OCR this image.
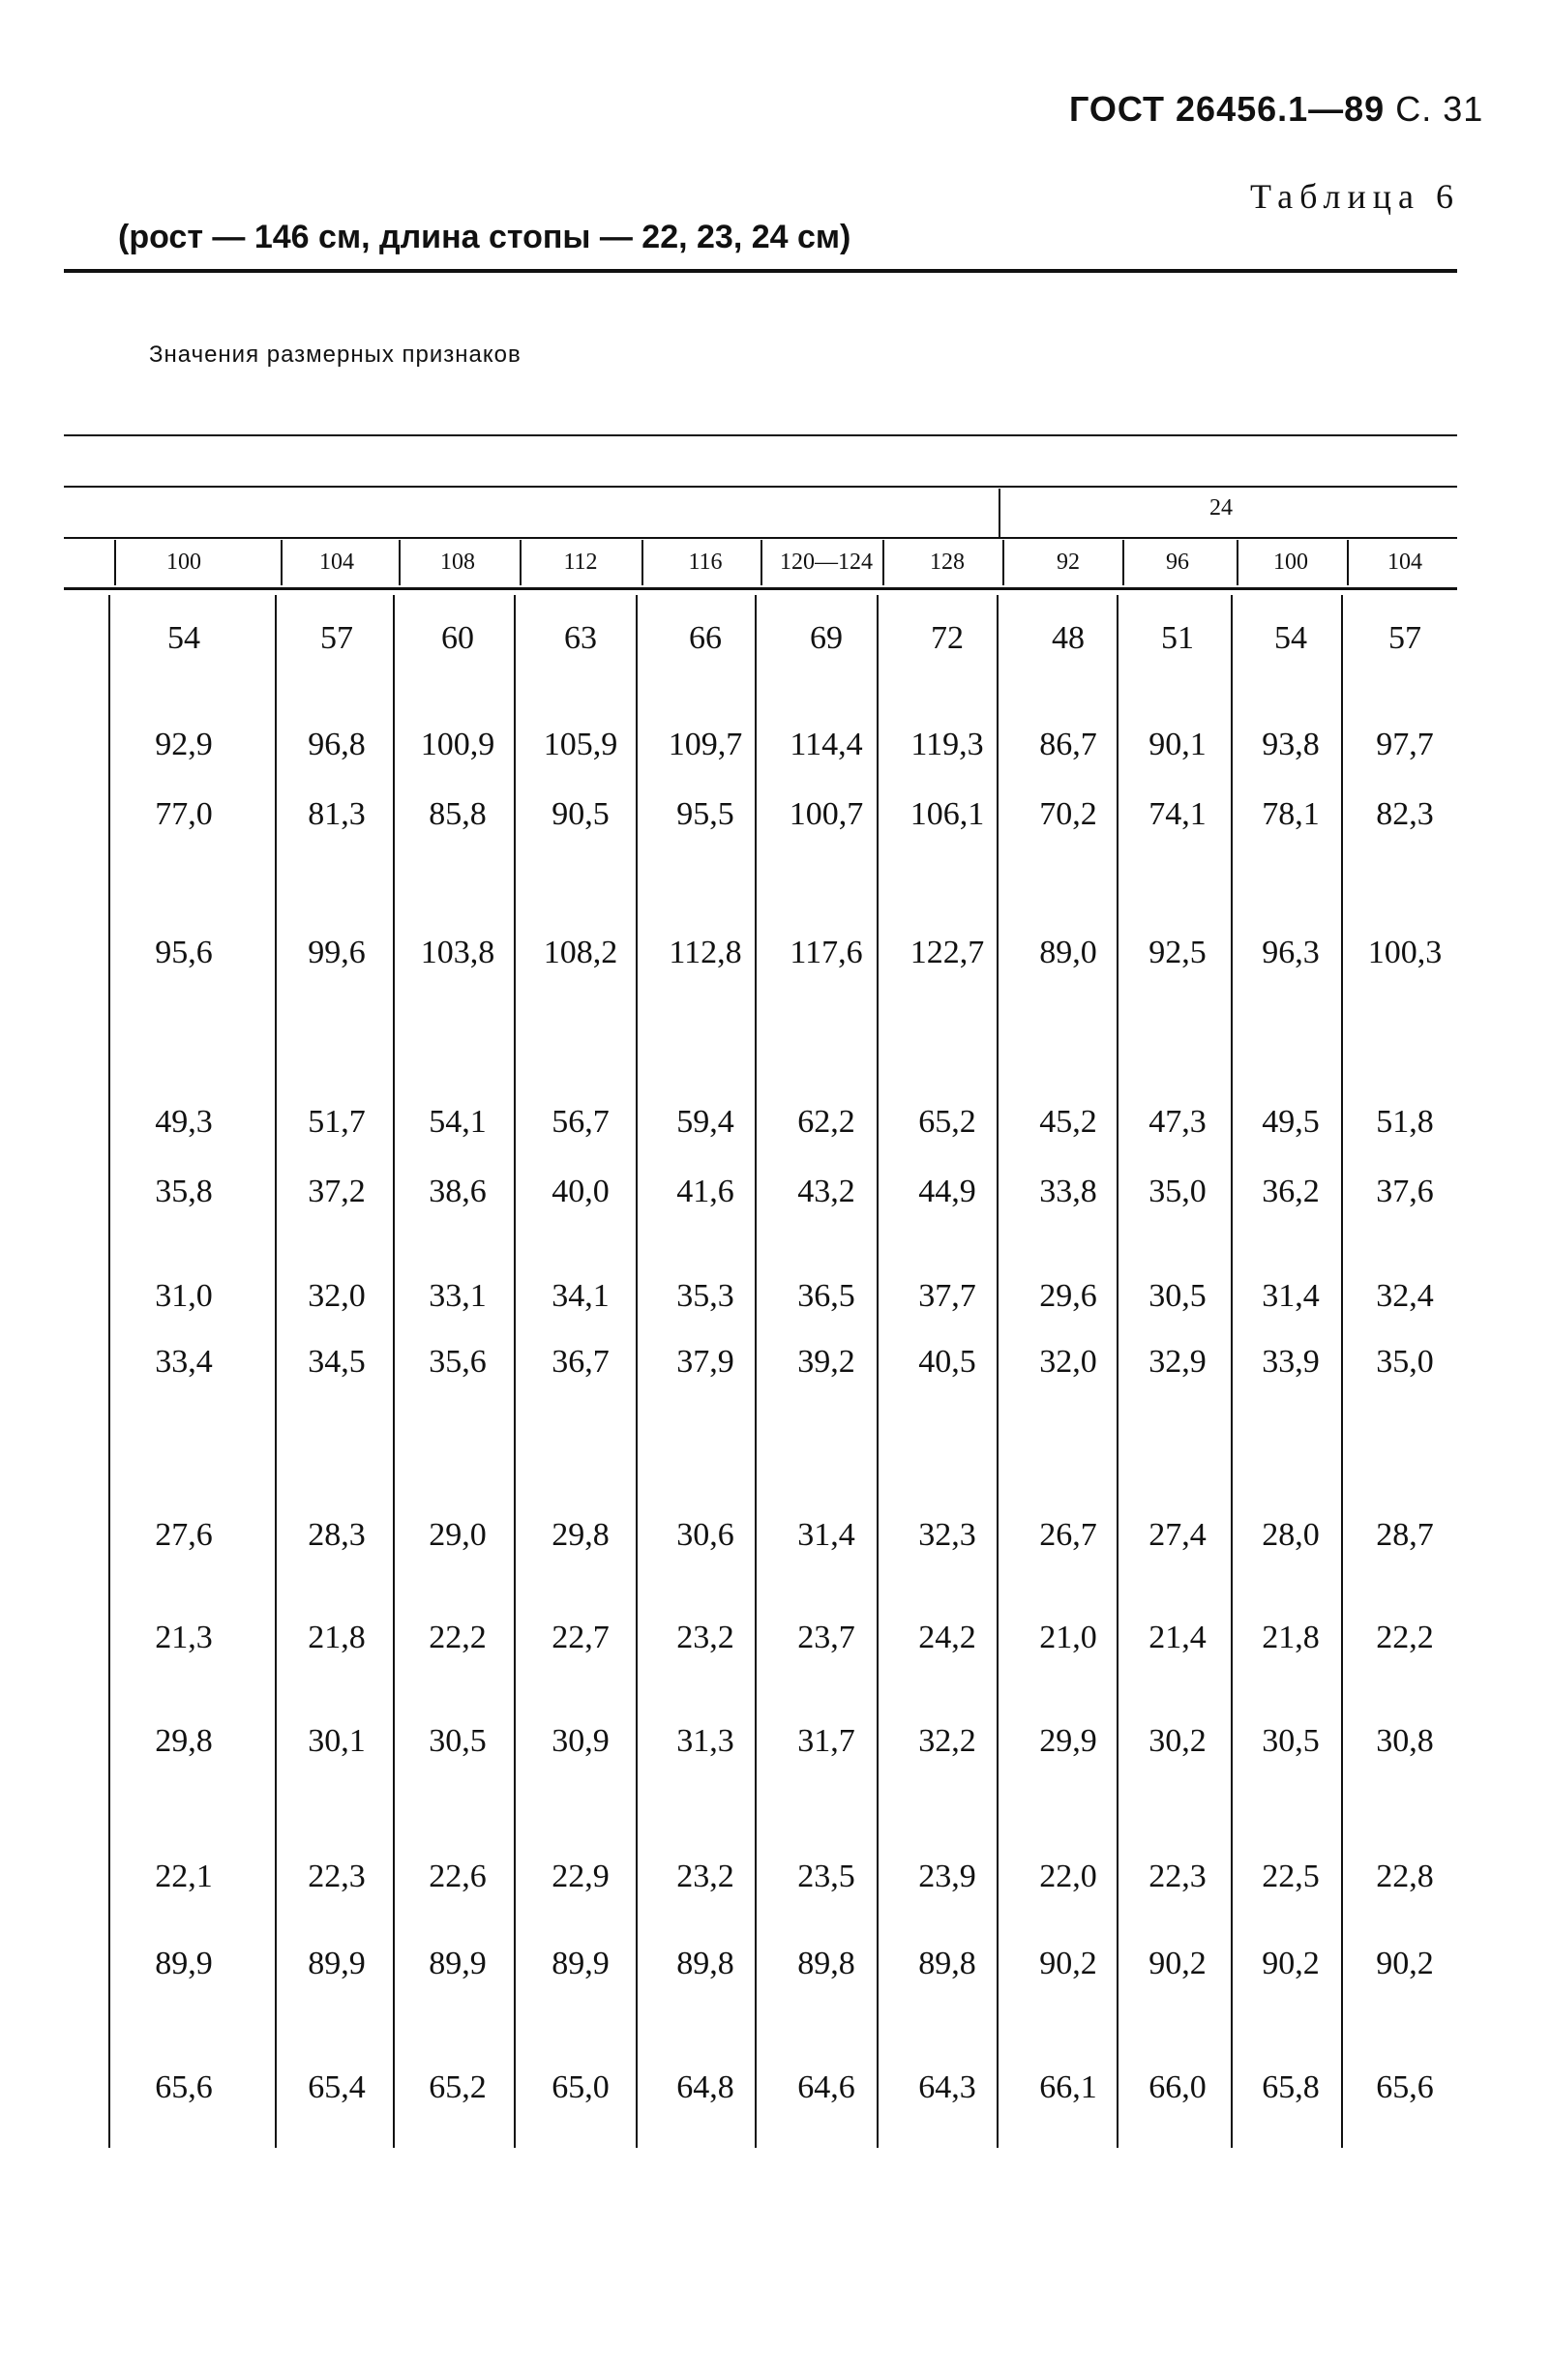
ГОСТ 26456.1—89 С. 31
Таблица 6
(рост — 146 см, длина стопы — 22, 23, 24 см)
Значения размерных признаков
24
100	104	108	112	116	120—124	128	92	96	100	104
54	57	60	63	66	69	72	48	51	54	57
92,9	96,8	100,9	105,9	109,7	114,4	119,3	86,7	90,1	93,8	97,7
77,0	81,3	85,8	90,5	95,5	100,7	106,1	70,2	74,1	78,1	82,3
95,6	99,6	103,8	108,2	112,8	117,6	122,7	89,0	92,5	96,3	100,3
49,3	51,7	54,1	56,7	59,4	62,2	65,2	45,2	47,3	49,5	51,8
35,8	37,2	38,6	40,0	41,6	43,2	44,9	33,8	35,0	36,2	37,6
31,0	32,0	33,1	34,1	35,3	36,5	37,7	29,6	30,5	31,4	32,4
33,4	34,5	35,6	36,7	37,9	39,2	40,5	32,0	32,9	33,9	35,0
27,6	28,3	29,0	29,8	30,6	31,4	32,3	26,7	27,4	28,0	28,7
21,3	21,8	22,2	22,7	23,2	23,7	24,2	21,0	21,4	21,8	22,2
29,8	30,1	30,5	30,9	31,3	31,7	32,2	29,9	30,2	30,5	30,8
22,1	22,3	22,6	22,9	23,2	23,5	23,9	22,0	22,3	22,5	22,8
89,9	89,9	89,9	89,9	89,8	89,8	89,8	90,2	90,2	90,2	90,2
65,6	65,4	65,2	65,0	64,8	64,6	64,3	66,1	66,0	65,8	65,6
